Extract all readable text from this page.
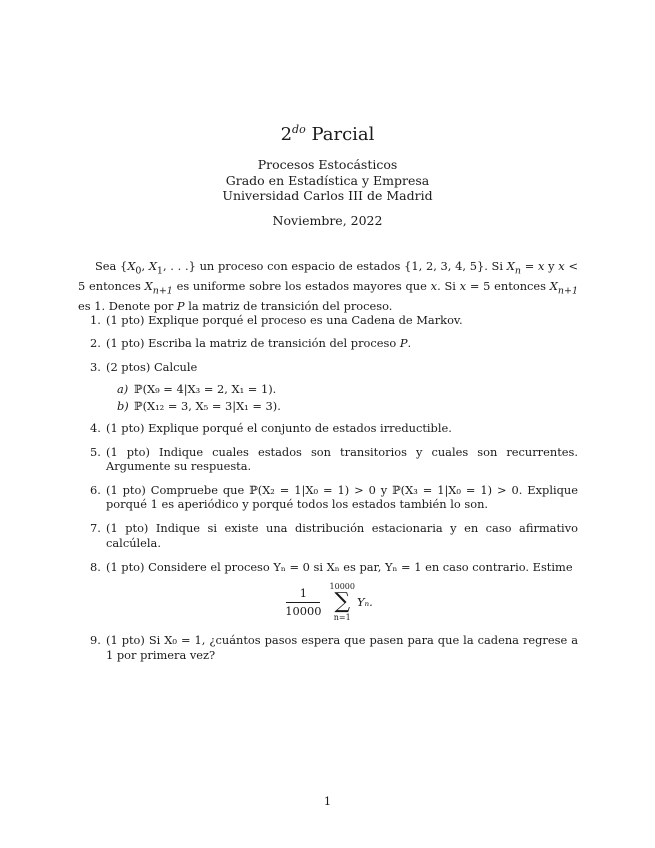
$2^{do}$ Parcial
Procesos Estocásticos
Grado en Estadística y Empresa
Universidad Carlos III de Madrid
Noviembre, 2022
Sea {$X_0$, $X_1$, . . .} un proceso con espacio de estados {1, 2, 3, 4, 5}. Si $X_n = x$ y x < 5 entonces $X_{n+1}$ es uniforme sobre los estados mayores que x. Si x = 5 entonces $X_{n+1}$ es 1. Denote por P la matriz de transición del proceso.
1. (1 pto) Explique porqué el proceso es una Cadena de Markov.
2. (1 pto) Escriba la matriz de transición del proceso P.
3. (2 ptos) Calcule
a) ℙ(X₉ = 4|X₃ = 2, X₁ = 1).
b) ℙ(X₁₂ = 3, X₅ = 3|X₁ = 3).
4. (1 pto) Explique porqué el conjunto de estados irreductible.
5. (1 pto) Indique cuales estados son transitorios y cuales son recurrentes. Argumente su respuesta.
6. (1 pto) Compruebe que ℙ(X₂ = 1|X₀ = 1) > 0 y ℙ(X₃ = 1|X₀ = 1) > 0. Explique porqué 1 es aperiódico y porqué todos los estados también lo son.
7. (1 pto) Indique si existe una distribución estacionaria y en caso afirmativo calcúlela.
8. (1 pto) Considere el proceso Yₙ = 0 si Xₙ es par, Yₙ = 1 en caso contrario. Estime
$\frac{1}{10000} 10000$
∑
n=1
Yₙ.
9. (1 pto) Si X₀ = 1, ¿cuántos pasos espera que pasen para que la cadena regrese a 1 por primera vez?
1
